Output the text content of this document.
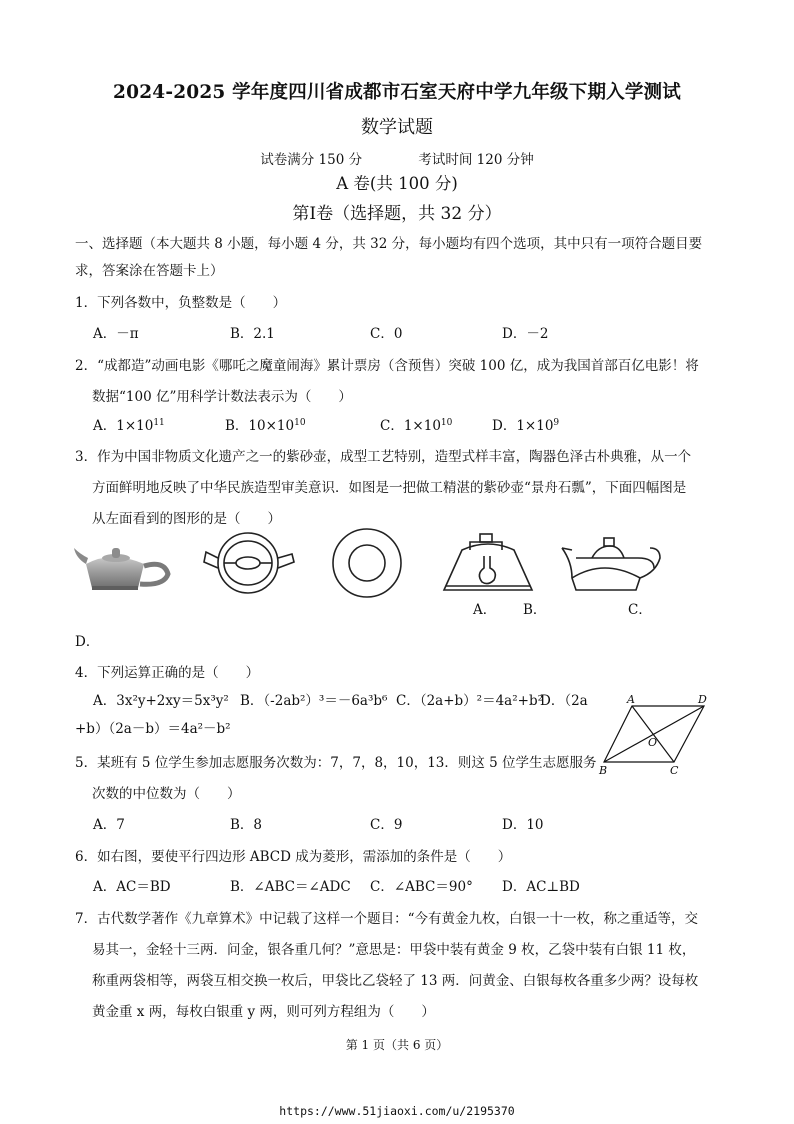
2024-2025 学年度四川省成都市石室天府中学九年级下期入学测试
数学试题
试卷满分 150 分	考试时间 120 分钟
A 卷(共 100 分)
第Ⅰ卷（选择题，共 32 分）
一、选择题（本大题共 8 小题，每小题 4 分，共 32 分，每小题均有四个选项，其中只有一项符合题目要
求，答案涂在答题卡上）
1．下列各数中，负整数是（　　）
A．－π	B．2.1	C．0	D．－2
2．“成都造”动画电影《哪吒之魔童闹海》累计票房（含预售）突破 100 亿，成为我国首部百亿电影！将
数据“100 亿”用科学计数法表示为（　　）
A．$1\times 10^{11}$	B．$10\times 10^{10}$	C．$1\times 10^{10}$	D．$1\times 10^9$
3．作为中国非物质文化遗产之一的紫砂壶，成型工艺特别，造型式样丰富，陶器色泽古朴典雅，从一个
方面鲜明地反映了中华民族造型审美意识．如图是一把做工精湛的紫砂壶“景舟石瓢”，下面四幅图是
从左面看到的图形的是（　　）
A． B．	C．
D．
4．下列运算正确的是（　　）
A．3x²y+2xy＝5x³y² B．（-2ab²）³＝－6a³b⁶ C．（2a+b）²＝4a²+b²
D．（2a
+b）（2a－b）＝4a²－b²
A	D
B	C
O
5．某班有 5 位学生参加志愿服务次数为：7，7，8，10，13．则这 5 位学生志愿服务
次数的中位数为（　　）
A．7	B．8	C．9	D．10
6．如右图，要使平行四边形 ABCD 成为菱形，需添加的条件是（　　）
A．AC＝BD	B．∠ABC＝∠ADC C．∠ABC＝90° D．AC⊥BD
7．古代数学著作《九章算术》中记载了这样一个题目：“今有黄金九枚，白银一十一枚，称之重适等，交
易其一，金轻十三两．问金，银各重几何？”意思是：甲袋中装有黄金 9 枚，乙袋中装有白银 11 枚，
称重两袋相等，两袋互相交换一枚后，甲袋比乙袋轻了 13 两．问黄金、白银每枚各重多少两？设每枚
黄金重 x 两，每枚白银重 y 两，则可列方程组为（　　）
第 1 页（共 6 页）
https://www.51jiaoxi.com/u/2195370
